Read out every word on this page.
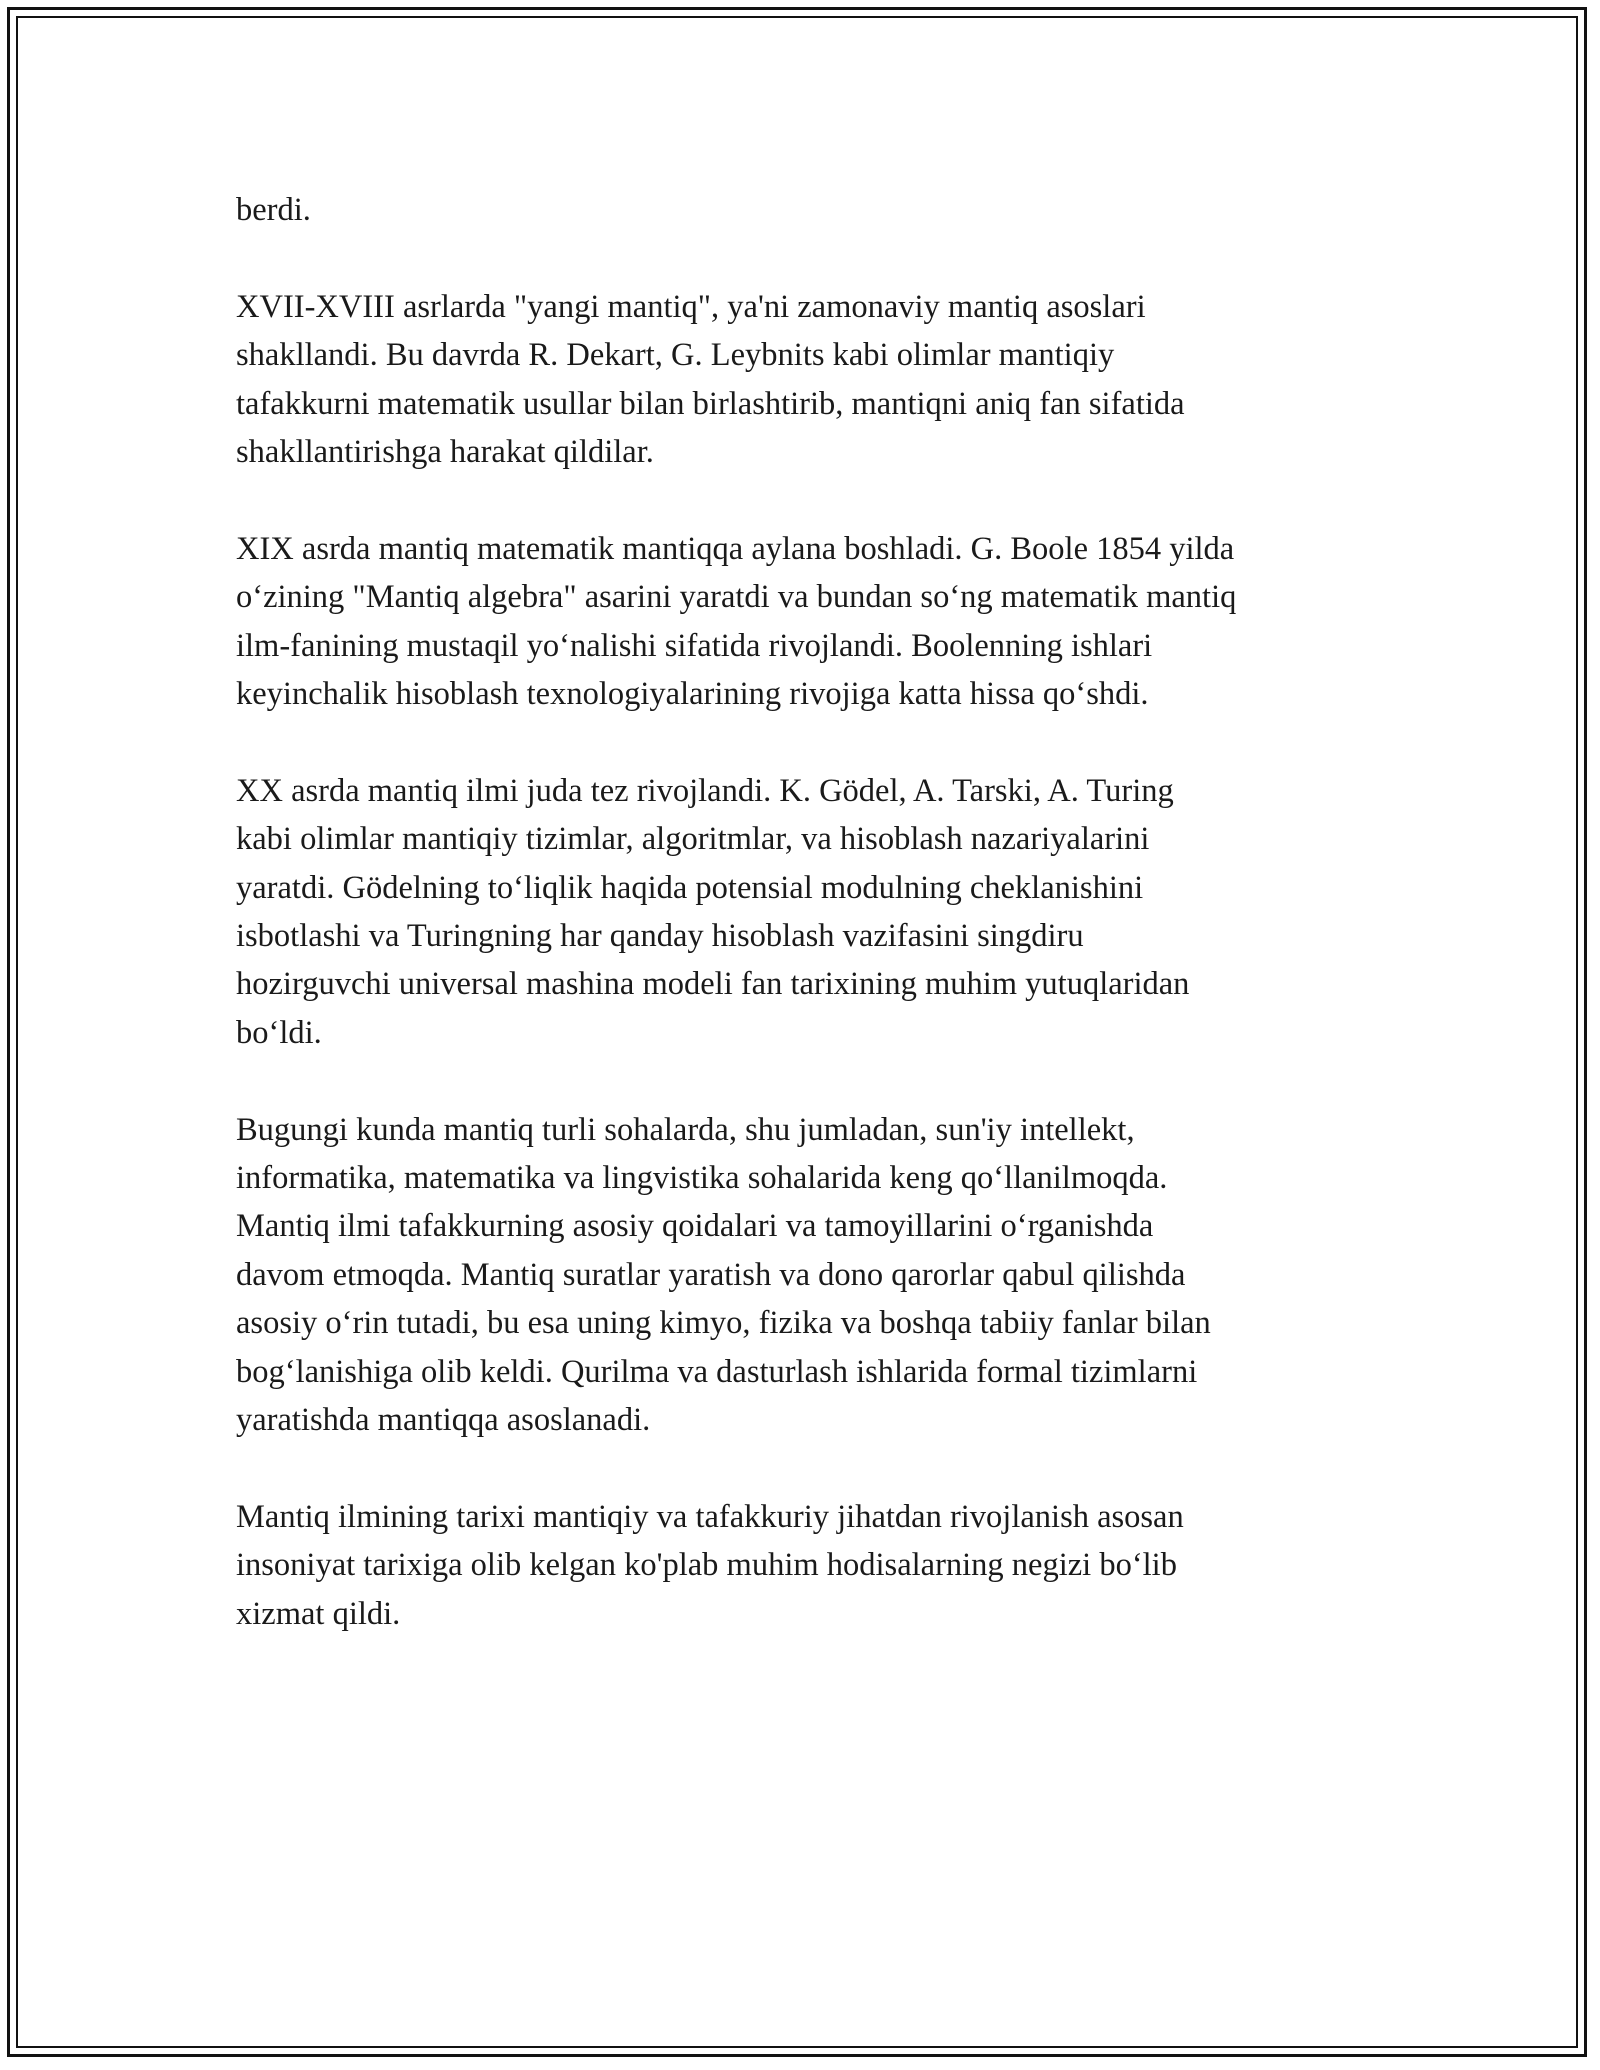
berdi.

XVII-XVIII asrlarda "yangi mantiq", ya'ni zamonaviy mantiq asoslari
shakllandi. Bu davrda R. Dekart, G. Leybnits kabi olimlar mantiqiy
tafakkurni matematik usullar bilan birlashtirib, mantiqni aniq fan sifatida
shakllantirishga harakat qildilar.

XIX asrda mantiq matematik mantiqqa aylana boshladi. G. Boole 1854 yilda
o‘zining "Mantiq algebra" asarini yaratdi va bundan so‘ng matematik mantiq
ilm-fanining mustaqil yo‘nalishi sifatida rivojlandi. Boolenning ishlari
keyinchalik hisoblash texnologiyalarining rivojiga katta hissa qo‘shdi.

XX asrda mantiq ilmi juda tez rivojlandi. K. Gödel, A. Tarski, A. Turing
kabi olimlar mantiqiy tizimlar, algoritmlar, va hisoblash nazariyalarini
yaratdi. Gödelning to‘liqlik haqida potensial modulning cheklanishini
isbotlashi va Turingning har qanday hisoblash vazifasini singdiru
hozirguvchi universal mashina modeli fan tarixining muhim yutuqlaridan
bo‘ldi.

Bugungi kunda mantiq turli sohalarda, shu jumladan, sun'iy intellekt,
informatika, matematika va lingvistika sohalarida keng qo‘llanilmoqda.
Mantiq ilmi tafakkurning asosiy qoidalari va tamoyillarini o‘rganishda
davom etmoqda. Mantiq suratlar yaratish va dono qarorlar qabul qilishda
asosiy o‘rin tutadi, bu esa uning kimyo, fizika va boshqa tabiiy fanlar bilan
bog‘lanishiga olib keldi. Qurilma va dasturlash ishlarida formal tizimlarni
yaratishda mantiqqa asoslanadi.

Mantiq ilmining tarixi mantiqiy va tafakkuriy jihatdan rivojlanish asosan
insoniyat tarixiga olib kelgan ko'plab muhim hodisalarning negizi bo‘lib
xizmat qildi.
